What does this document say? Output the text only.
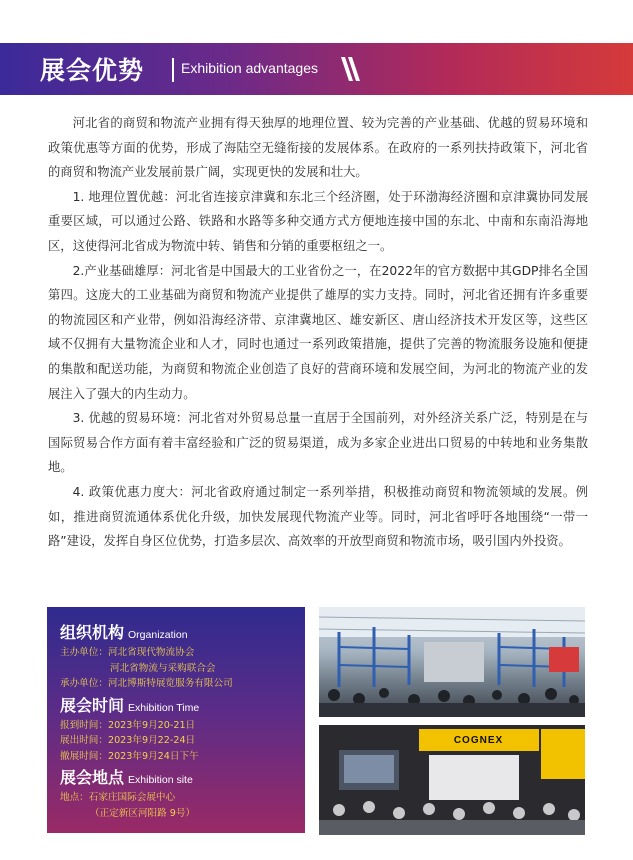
展会优势	Exhibition advantages

河北省的商贸和物流产业拥有得天独厚的地理位置、较为完善的产业基础、优越的贸易环境和政策优惠等方面的优势，形成了海陆空无缝衔接的发展体系。在政府的一系列扶持政策下，河北省的商贸和物流产业发展前景广阔，实现更快的发展和壮大。

1. 地理位置优越：河北省连接京津冀和东北三个经济圈，处于环渤海经济圈和京津冀协同发展重要区域，可以通过公路、铁路和水路等多种交通方式方便地连接中国的东北、中南和东南沿海地区，这使得河北省成为物流中转、销售和分销的重要枢纽之一。

2.产业基础雄厚：河北省是中国最大的工业省份之一，在2022年的官方数据中其GDP排名全国第四。这庞大的工业基础为商贸和物流产业提供了雄厚的实力支持。同时，河北省还拥有许多重要的物流园区和产业带，例如沿海经济带、京津冀地区、雄安新区、唐山经济技术开发区等，这些区域不仅拥有大量物流企业和人才，同时也通过一系列政策措施，提供了完善的物流服务设施和便捷的集散和配送功能，为商贸和物流企业创造了良好的营商环境和发展空间，为河北的物流产业的发展注入了强大的内生动力。

3. 优越的贸易环境：河北省对外贸易总量一直居于全国前列，对外经济关系广泛，特别是在与国际贸易合作方面有着丰富经验和广泛的贸易渠道，成为多家企业进出口贸易的中转地和业务集散地。

4. 政策优惠力度大：河北省政府通过制定一系列举措，积极推动商贸和物流领域的发展。例如，推进商贸流通体系优化升级，加快发展现代物流产业等。同时，河北省呼吁各地围绕“一带一路”建设，发挥自身区位优势，打造多层次、高效率的开放型商贸和物流市场，吸引国内外投资。

组织机构 Organization
主办单位：河北省现代物流协会
河北省物流与采购联合会
承办单位：河北博斯特展览服务有限公司
展会时间 Exhibition Time
报到时间：2023年9月20-21日
展出时间：2023年9月22-24日
撤展时间：2023年9月24日下午
展会地点 Exhibition site
地点：石家庄国际会展中心
（正定新区河阳路 9号）
COGNEX
